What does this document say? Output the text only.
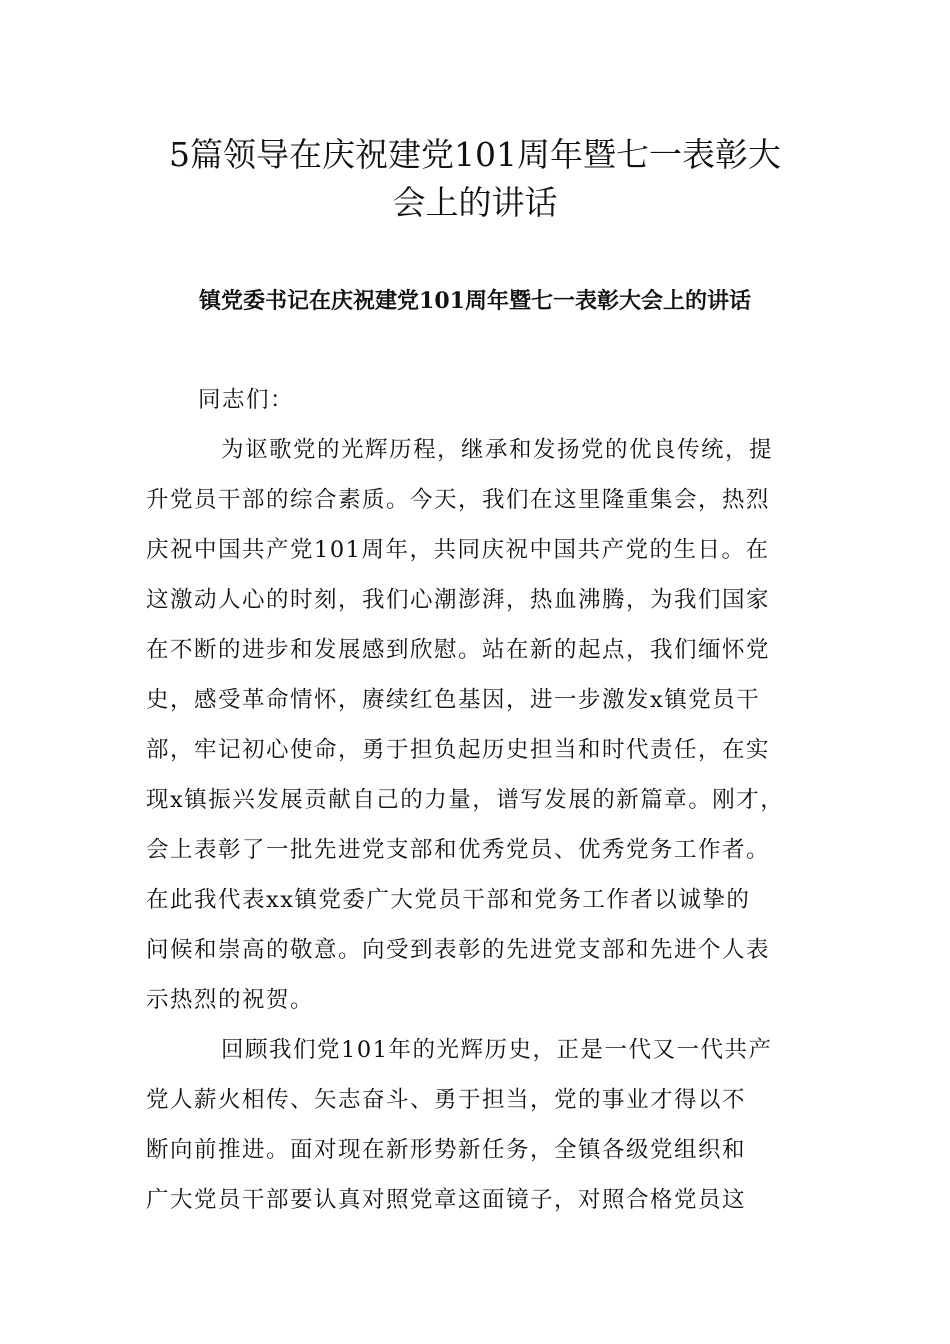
5篇领导在庆祝建党101周年暨七一表彰大
会上的讲话
镇党委书记在庆祝建党101周年暨七一表彰大会上的讲话
同志们：
为讴歌党的光辉历程，继承和发扬党的优良传统，提
升党员干部的综合素质。今天，我们在这里隆重集会，热烈
庆祝中国共产党101周年，共同庆祝中国共产党的生日。在
这激动人心的时刻，我们心潮澎湃，热血沸腾，为我们国家
在不断的进步和发展感到欣慰。站在新的起点，我们缅怀党
史，感受革命情怀，赓续红色基因，进一步激发x镇党员干
部，牢记初心使命，勇于担负起历史担当和时代责任，在实
现x镇振兴发展贡献自己的力量，谱写发展的新篇章。刚才，
会上表彰了一批先进党支部和优秀党员、优秀党务工作者。
在此我代表xx镇党委广大党员干部和党务工作者以诚挚的
问候和崇高的敬意。向受到表彰的先进党支部和先进个人表
示热烈的祝贺。
回顾我们党101年的光辉历史，正是一代又一代共产
党人薪火相传、矢志奋斗、勇于担当，党的事业才得以不
断向前推进。面对现在新形势新任务，全镇各级党组织和
广大党员干部要认真对照党章这面镜子，对照合格党员这
